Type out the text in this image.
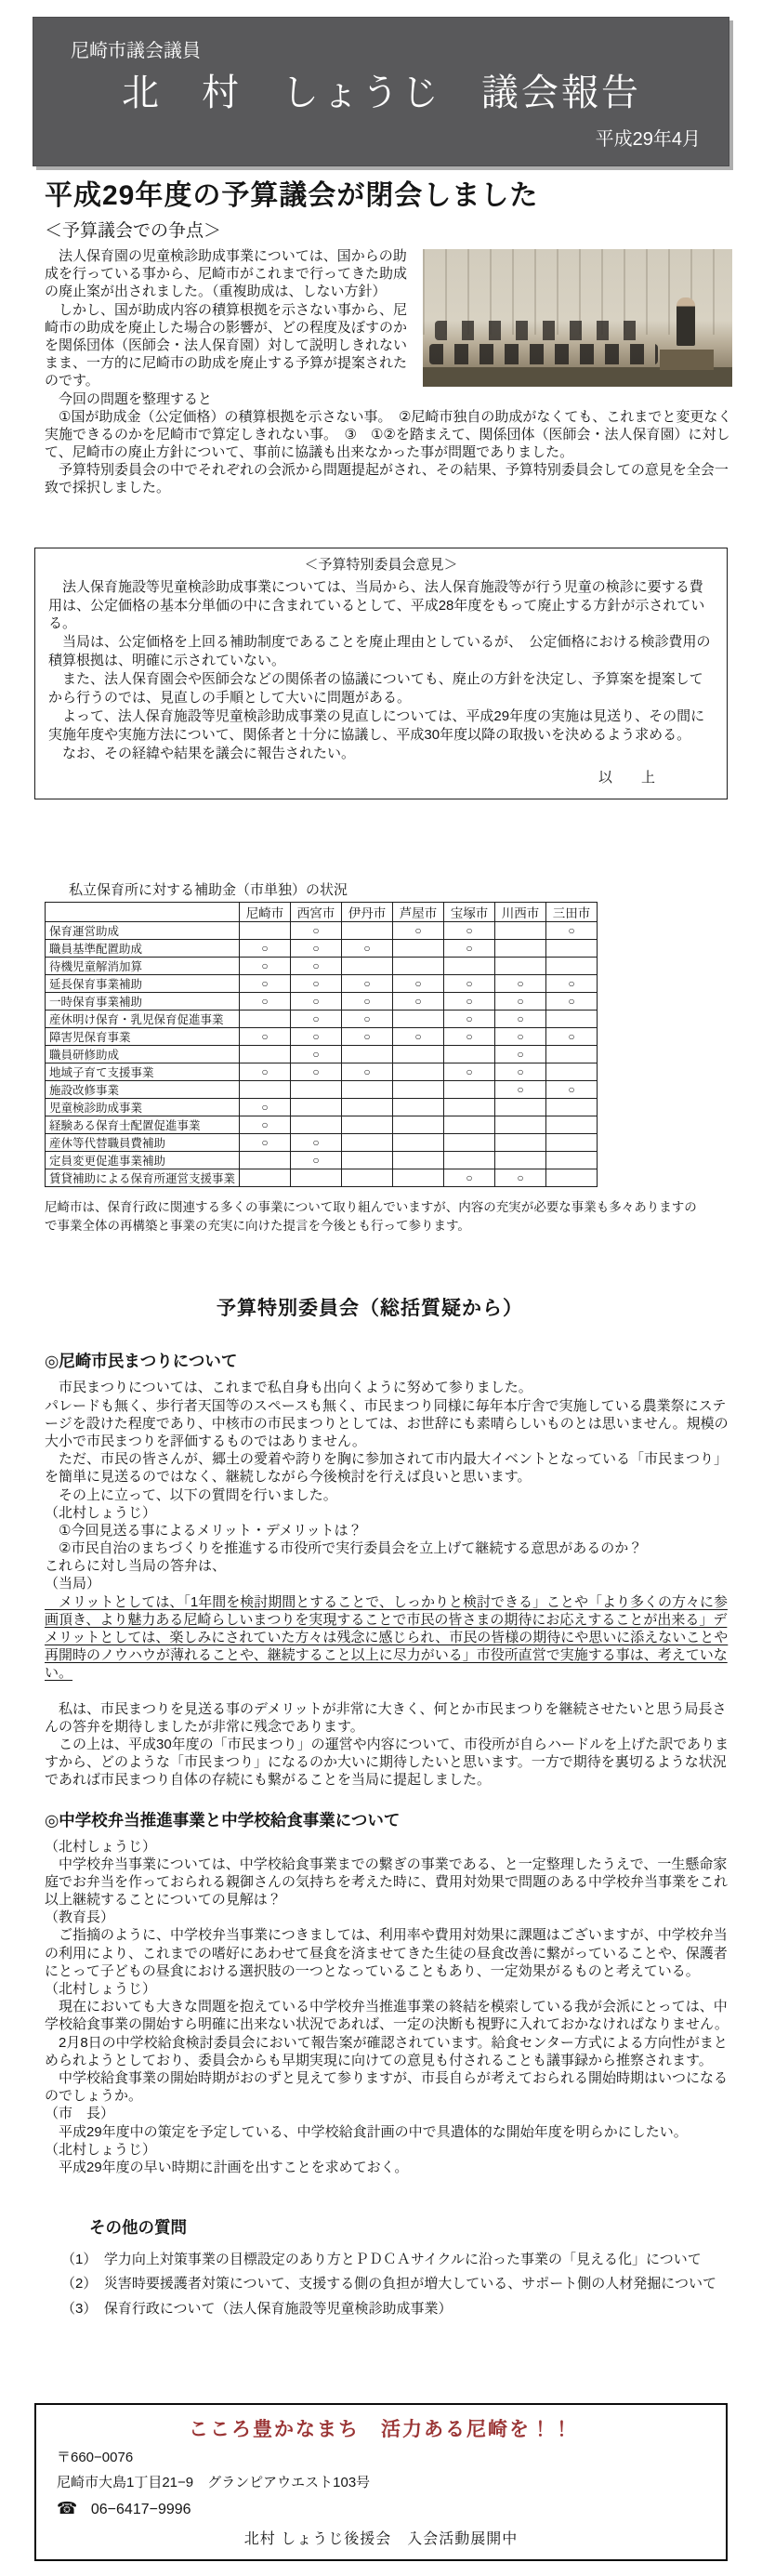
尼崎市議会議員
北　村　しょうじ　議会報告
平成29年4月
平成29年度の予算議会が閉会しました
＜予算議会での争点＞

　法人保育園の児童検診助成事業については、国からの助成を行っている事から、尼崎市がこれまで行ってきた助成の廃止案が出されました。（重複助成は、しない方針）

　しかし、国が助成内容の積算根拠を示さない事から、尼崎市の助成を廃止した場合の影響が、どの程度及ぼすのかを関係団体（医師会・法人保育園）対して説明しきれないまま、一方的に尼崎市の助成を廃止する予算が提案されたのです。

　今回の問題を整理すると

　①国が助成金（公定価格）の積算根拠を示さない事。　②尼崎市独自の助成がなくても、これまでと変更なく実施できるのかを尼崎市で算定しきれない事。　③　①②を踏まえて、関係団体（医師会・法人保育園）に対して、尼崎市の廃止方針について、事前に協議も出来なかった事が問題でありました。

　予算特別委員会の中でそれぞれの会派から問題提起がされ、その結果、予算特別委員会しての意見を全会一致で採択しました。

＜予算特別委員会意見＞

　法人保育施設等児童検診助成事業については、当局から、法人保育施設等が行う児童の検診に要する費用は、公定価格の基本分単価の中に含まれているとして、平成28年度をもって廃止する方針が示されている。

　当局は、公定価格を上回る補助制度であることを廃止理由としているが、　公定価格における検診費用の積算根拠は、明確に示されていない。

　また、法人保育園会や医師会などの関係者の協議についても、廃止の方針を決定し、予算案を提案してから行うのでは、見直しの手順として大いに問題がある。

　よって、法人保育施設等児童検診助成事業の見直しについては、平成29年度の実施は見送り、その間に実施年度や実施方法について、関係者と十分に協議し、平成30年度以降の取扱いを決めるよう求める。

　なお、その経緯や結果を議会に報告されたい。

以　上
私立保育所に対する補助金（市単独）の状況
	尼崎市	西宮市	伊丹市	芦屋市	宝塚市	川西市	三田市
保育運営助成		○		○	○		○
職員基準配置助成	○	○	○		○		
待機児童解消加算	○	○					
延長保育事業補助	○	○	○	○	○	○	○
一時保育事業補助	○	○	○	○	○	○	○
産休明け保育・乳児保育促進事業		○	○		○	○	
障害児保育事業	○	○	○	○	○	○	○
職員研修助成		○				○	
地域子育て支援事業	○	○	○		○	○	
施設改修事業						○	○
児童検診助成事業	○						
経験ある保育士配置促進事業	○						
産休等代替職員費補助	○	○					
定員変更促進事業補助		○					
賃貸補助による保育所運営支援事業					○	○	

尼崎市は、保育行政に関連する多くの事業について取り組んでいますが、内容の充実が必要な事業も多々ありますので事業全体の再構築と事業の充実に向けた提言を今後とも行って参ります。

予算特別委員会（総括質疑から）
◎尼崎市民まつりについて

　市民まつりについては、これまで私自身も出向くように努めて参りました。

パレードも無く、歩行者天国等のスペースも無く、市民まつり同様に毎年本庁舎で実施している農業祭にステージを設けた程度であり、中核市の市民まつりとしては、お世辞にも素晴らしいものとは思いません。規模の大小で市民まつりを評価するものではありません。

　ただ、市民の皆さんが、郷土の愛着や誇りを胸に参加されて市内最大イベントとなっている「市民まつり」を簡単に見送るのではなく、継続しながら今後検討を行えば良いと思います。

　その上に立って、以下の質問を行いました。

（北村しょうじ）

　①今回見送る事によるメリット・デメリットは？

　②市民自治のまちづくりを推進する市役所で実行委員会を立上げて継続する意思があるのか？

これらに対し当局の答弁は、

（当局）

　メリットとしては、「1年間を検討期間とすることで、しっかりと検討できる」ことや「より多くの方々に参画頂き、より魅力ある尼崎らしいまつりを実現することで市民の皆さまの期待にお応えすることが出来る」デメリットとしては、楽しみにされていた方々は残念に感じられ、市民の皆様の期待にや思いに添えないことや再開時のノウハウが薄れることや、継続すること以上に尽力がいる」市役所直営で実施する事は、考えていない。

　私は、市民まつりを見送る事のデメリットが非常に大きく、何とか市民まつりを継続させたいと思う局長さんの答弁を期待しましたが非常に残念であります。

　この上は、平成30年度の「市民まつり」の運営や内容について、市役所が自らハードルを上げた訳でありますから、どのような「市民まつり」になるのか大いに期待したいと思います。一方で期待を裏切るような状況であれば市民まつり自体の存続にも繋がることを当局に提起しました。

◎中学校弁当推進事業と中学校給食事業について

（北村しょうじ）

　中学校弁当事業については、中学校給食事業までの繋ぎの事業である、と一定整理したうえで、一生懸命家庭でお弁当を作っておられる親御さんの気持ちを考えた時に、費用対効果で問題のある中学校弁当事業をこれ以上継続することについての見解は？

（教育長）

　ご指摘のように、中学校弁当事業につきましては、利用率や費用対効果に課題はございますが、中学校弁当の利用により、これまでの嗜好にあわせて昼食を済ませてきた生徒の昼食改善に繋がっていることや、保護者にとって子どもの昼食における選択肢の一つとなっていることもあり、一定効果がるものと考えている。

（北村しょうじ）

　現在においても大きな問題を抱えている中学校弁当推進事業の終結を模索している我が会派にとっては、中学校給食事業の開始すら明確に出来ない状況であれば、一定の決断も視野に入れておかなければなりません。

　2月8日の中学校給食検討委員会において報告案が確認されています。給食センター方式による方向性がまとめられようとしており、委員会からも早期実現に向けての意見も付されることも議事録から推察されます。

　中学校給食事業の開始時期がおのずと見えて参りますが、市長自らが考えておられる開始時期はいつになるのでしょうか。

（市　長）

　平成29年度中の策定を予定している、中学校給食計画の中で具遣体的な開始年度を明らかにしたい。

（北村しょうじ）

　平成29年度の早い時期に計画を出すことを求めておく。

その他の質問
（1）　学力向上対策事業の目標設定のあり方とＰＤＣＡサイクルに沿った事業の「見える化」について
（2）　災害時要援護者対策について、支援する側の負担が増大している、サポート側の人材発掘について
（3）　保育行政について（法人保育施設等児童検診助成事業）
こころ豊かなまち　活力ある尼崎を！！
〒660−0076
尼崎市大島1丁目21−9　グランピアウエスト103号
☎ 06−6417−9996
北村 しょうじ後援会　入会活動展開中
